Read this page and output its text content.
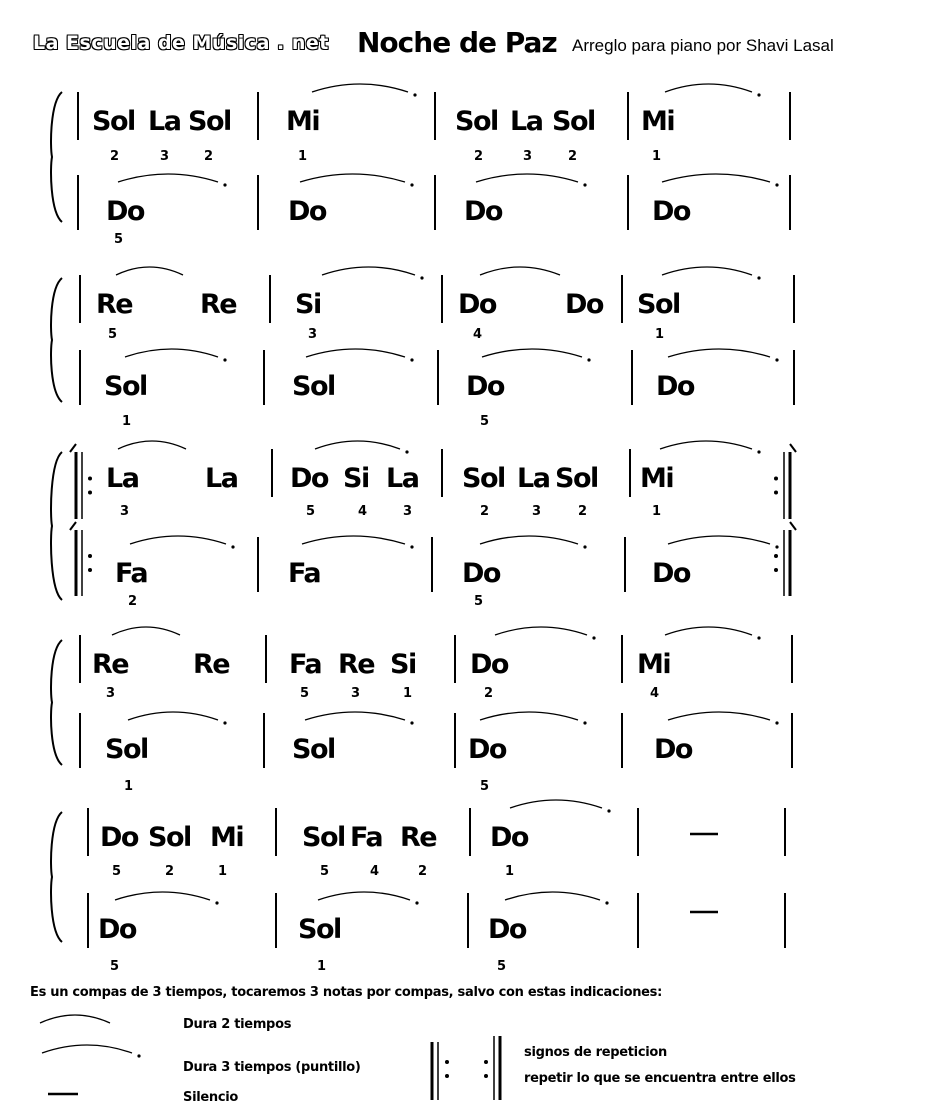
La Escuela de Música . net Noche de Paz Arreglo para piano por Shavi Lasal
Sol La Sol
2	3	2
Mi
1
Sol La Sol
2	3	2
Mi
1
Do
5
Do	Do	Do
Re	Re
5
Si
3
Do	Do
4
Sol
1
Sol
1
Sol	Do
5
Do
La La
3
Do Si La
5	4	3
Sol La Sol
2	3	2
Mi
1
Fa
2
Fa	Do
5
Do
Re Re
3
Fa Re Si
5	3	1
Do
2
Mi
4
Sol
1
Sol	Do
5
Do
Do Sol Mi
5	2	1
Sol Fa Re
5	4	2
Do
1
Do
5
Sol
1
Do
5
Es un compas de 3 tiempos, tocaremos 3 notas por compas, salvo con estas indicaciones:
Dura 2 tiempos
Dura 3 tiempos (puntillo)
Silencio
signos de repeticion
repetir lo que se encuentra entre ellos
